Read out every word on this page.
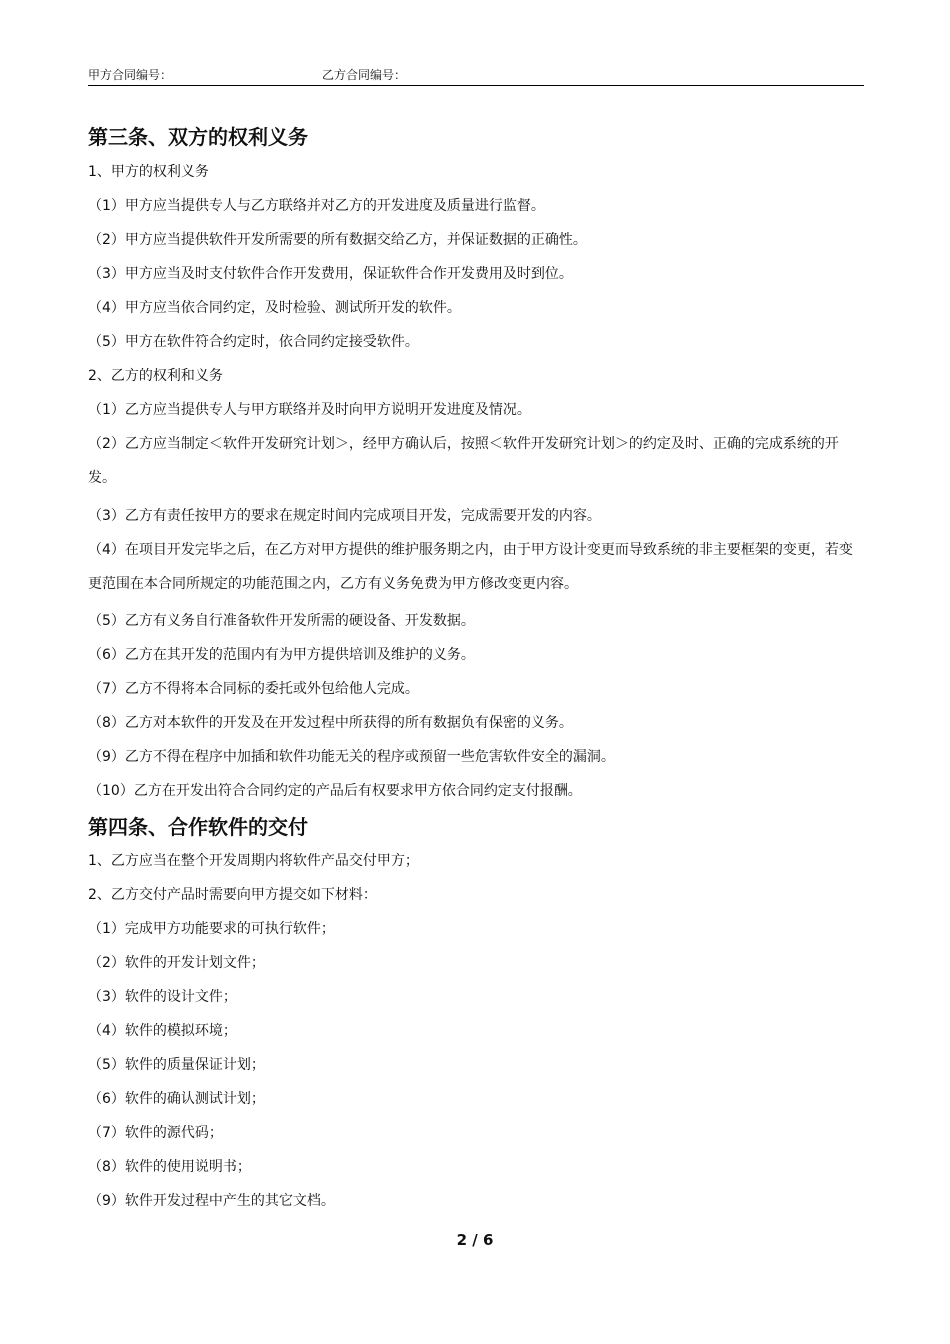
甲方合同编号：	乙方合同编号：
第三条、双方的权利义务
1、甲方的权利义务
（1）甲方应当提供专人与乙方联络并对乙方的开发进度及质量进行监督。
（2）甲方应当提供软件开发所需要的所有数据交给乙方，并保证数据的正确性。
（3）甲方应当及时支付软件合作开发费用，保证软件合作开发费用及时到位。
（4）甲方应当依合同约定，及时检验、测试所开发的软件。
（5）甲方在软件符合约定时，依合同约定接受软件。
2、乙方的权利和义务
（1）乙方应当提供专人与甲方联络并及时向甲方说明开发进度及情况。
（2）乙方应当制定＜软件开发研究计划＞，经甲方确认后，按照＜软件开发研究计划＞的约定及时、正确的完成系统的开发。
（3）乙方有责任按甲方的要求在规定时间内完成项目开发，完成需要开发的内容。
（4）在项目开发完毕之后，在乙方对甲方提供的维护服务期之内，由于甲方设计变更而导致系统的非主要框架的变更，若变更范围在本合同所规定的功能范围之内，乙方有义务免费为甲方修改变更内容。
（5）乙方有义务自行准备软件开发所需的硬设备、开发数据。
（6）乙方在其开发的范围内有为甲方提供培训及维护的义务。
（7）乙方不得将本合同标的委托或外包给他人完成。
（8）乙方对本软件的开发及在开发过程中所获得的所有数据负有保密的义务。
（9）乙方不得在程序中加插和软件功能无关的程序或预留一些危害软件安全的漏洞。
（10）乙方在开发出符合合同约定的产品后有权要求甲方依合同约定支付报酬。
第四条、合作软件的交付
1、乙方应当在整个开发周期内将软件产品交付甲方；
2、乙方交付产品时需要向甲方提交如下材料：
（1）完成甲方功能要求的可执行软件；
（2）软件的开发计划文件；
（3）软件的设计文件；
（4）软件的模拟环境；
（5）软件的质量保证计划；
（6）软件的确认测试计划；
（7）软件的源代码；
（8）软件的使用说明书；
（9）软件开发过程中产生的其它文档。
2 / 6
